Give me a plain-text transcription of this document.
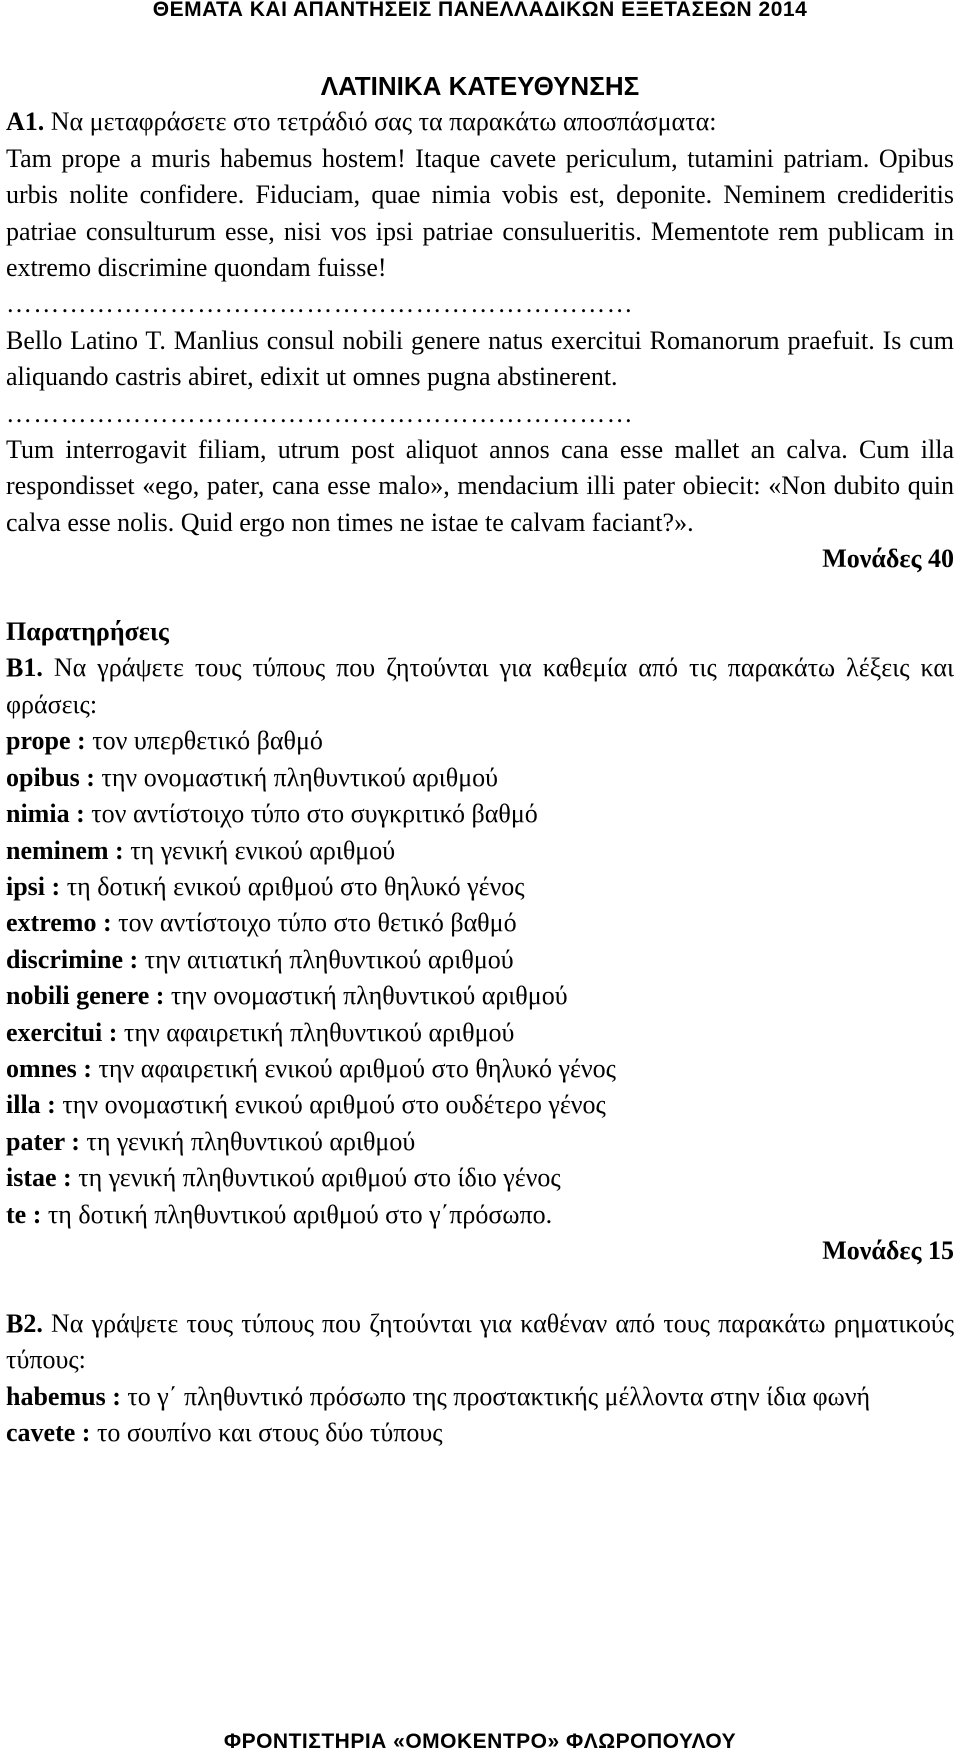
ΘΕΜΑΤΑ ΚΑΙ ΑΠΑΝΤΗΣΕΙΣ ΠΑΝΕΛΛΑΔΙΚΩΝ ΕΞΕΤΑΣΕΩΝ 2014
ΛΑΤΙΝΙΚΑ ΚΑΤΕΥΘΥΝΣΗΣ

Α1. Να μεταφράσετε στο τετράδιό σας τα παρακάτω αποσπάσματα:

Tam prope a muris habemus hostem! Itaque cavete periculum, tutamini patriam. Opibus urbis nolite confidere. Fiduciam, quae nimia vobis est, deponite. Neminem credideritis patriae consulturum esse, nisi vos ipsi patriae consulueritis. Mementote rem publicam in extremo discrimine quondam fuisse!

……………………………………………………………

Bello Latino T. Manlius consul nobili genere natus exercitui Romanorum praefuit. Is cum aliquando castris abiret, edixit ut omnes pugna abstinerent.

……………………………………………………………

Tum interrogavit filiam, utrum post aliquot annos cana esse mallet an calva. Cum illa respondisset «ego, pater, cana esse malo», mendacium illi pater obiecit: «Non dubito quin calva esse nolis. Quid ergo non times ne istae te calvam faciant?».

Μονάδες 40

Παρατηρήσεις

Β1. Να γράψετε τους τύπους που ζητούνται για καθεμία από τις παρακάτω λέξεις και φράσεις:

prope : τον υπερθετικό βαθμό

opibus : την ονομαστική πληθυντικού αριθμού

nimia : τον αντίστοιχο τύπο στο συγκριτικό βαθμό

neminem : τη γενική ενικού αριθμού

ipsi : τη δοτική ενικού αριθμού στο θηλυκό γένος

extremo : τον αντίστοιχο τύπο στο θετικό βαθμό

discrimine : την αιτιατική πληθυντικού αριθμού

nobili genere : την ονομαστική πληθυντικού αριθμού

exercitui : την αφαιρετική πληθυντικού αριθμού

omnes : την αφαιρετική ενικού αριθμού στο θηλυκό γένος

illa : την ονομαστική ενικού αριθμού στο ουδέτερο γένος

pater : τη γενική πληθυντικού αριθμού

istae : τη γενική πληθυντικού αριθμού στο ίδιο γένος

te : τη δοτική πληθυντικού αριθμού στο γ΄πρόσωπο.

Μονάδες 15

Β2. Να γράψετε τους τύπους που ζητούνται για καθέναν από τους παρακάτω ρηματικούς τύπους:

habemus : το γ΄ πληθυντικό πρόσωπο της προστακτικής μέλλοντα στην ίδια φωνή

cavete : το σουπίνο και στους δύο τύπους

ΦΡΟΝΤΙΣΤΗΡΙΑ «ΟΜΟΚΕΝΤΡΟ» ΦΛΩΡΟΠΟΥΛΟΥ
